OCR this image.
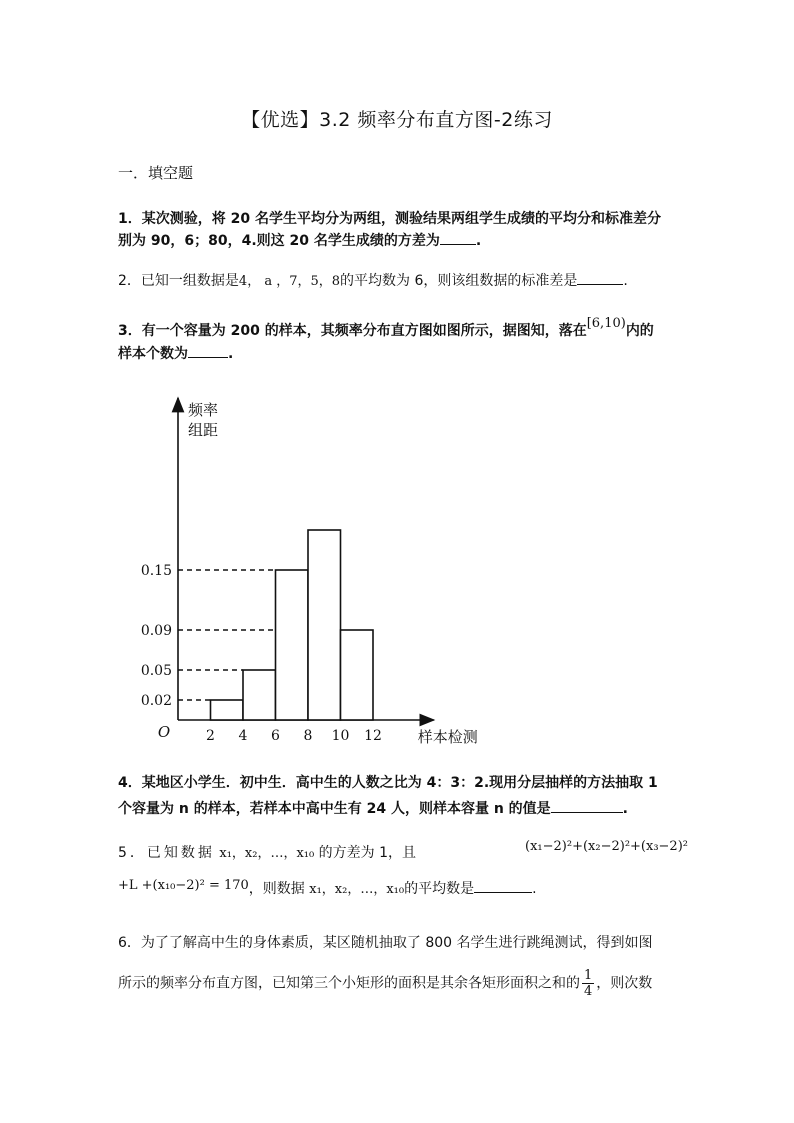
【优选】3.2 频率分布直方图-2练习
一．填空题
1．某次测验，将 20 名学生平均分为两组，测验结果两组学生成绩的平均分和标准差分
别为 90，6；80，4.则这 20 名学生成绩的方差为	.
2．已知一组数据是4， a ，7，5，8的平均数为 6，则该组数据的标准差是	.
3．有一个容量为 200 的样本，其频率分布直方图如图所示，据图知，落在[6,10)内的
样本个数为	.
0.02
0.05
0.09
0.15
2 4 6 8 10 12
O
频率
组距
样本检测
4．某地区小学生．初中生．高中生的人数之比为 4：3：2.现用分层抽样的方法抽取 1
个容量为 n 的样本，若样本中高中生有 24 人，则样本容量 n 的值是	.
5．已知数据 x₁，x₂，…，x₁₀ 的方差为 1，且	(x₁−2)²+(x₂−2)²+(x₃−2)²
+L +(x₁₀−2)² = 170，则数据 x₁，x₂，…，x₁₀的平均数是	.
6．为了了解高中生的身体素质，某区随机抽取了 800 名学生进行跳绳测试，得到如图
所示的频率分布直方图，已知第三个小矩形的面积是其余各矩形面积之和的 $\frac{1}{4}$ ，则次数
